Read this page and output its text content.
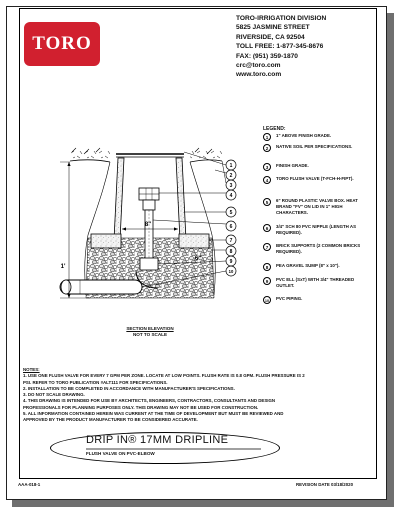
TORO
TORO-IRRIGATION DIVISION
5825 JASMINE STREET
RIVERSIDE, CA 92504
TOLL FREE: 1-877-345-8676
FAX: (951) 359-1870
crc@toro.com
www.toro.com
8"
6"
1'
1
2
3
4
5
6
7
8
9
10
SECTION ELEVATION
NOT TO SCALE
LEGEND:
1	1" ABOVE FINISH GRADE.
2	NATIVE SOIL PER SPECIFICATIONS.
3	FINISH GRADE.
4	TORO FLUSH VALVE (T-FCH-H-FIPT).
5	6" ROUND PLASTIC VALVE BOX. HEAT BRAND "FV" ON LID IN 1" HIGH CHARACTERS.
6	3/4" SCH 80 PVC NIPPLE (LENGTH AS REQUIRED).
7	BRICK SUPPORTS (2 COMMON BRICKS REQUIRED).
8	PEA GRAVEL SUMP (8" x 10").
9	PVC ELL (SxT) WITH 3/4" THREADED OUTLET.
10	PVC PIPING.
NOTES:
1. USE ONE FLUSH VALVE FOR EVERY 7 GPM PER ZONE. LOCATE AT LOW POINTS. FLUSH RATE IS 0.8 GPM. FLUSH PRESSURE IS 2
PSI. REFER TO TORO PUBLICATION #ALT111 FOR SPECIFICATIONS.
2. INSTALLATION TO BE COMPLETED IN ACCORDANCE WITH MANUFACTURER'S SPECIFICATIONS.
3. DO NOT SCALE DRAWING.
4. THIS DRAWING IS INTENDED FOR USE BY ARCHITECTS, ENGINEERS, CONTRACTORS, CONSULTANTS AND DESIGN
PROFESSIONALS FOR PLANNING PURPOSES ONLY. THIS DRAWING MAY NOT BE USED FOR CONSTRUCTION.
5. ALL INFORMATION CONTAINED HEREIN WAS CURRENT AT THE TIME OF DEVELOPMENT BUT MUST BE REVIEWED AND
APPROVED BY THE PRODUCT MANUFACTURER TO BE CONSIDERED ACCURATE.
DRIP IN® 17MM DRIPLINE
FLUSH VALVE ON PVC-ELBOW
AAA-018-1	REVISION DATE 03/18/2020
